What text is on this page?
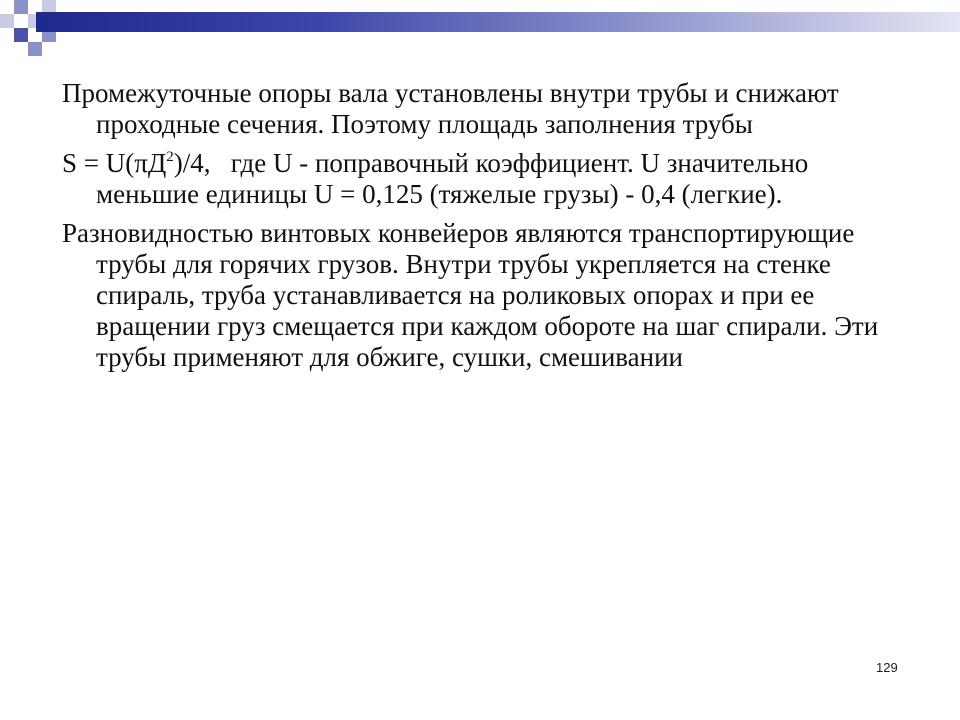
Промежуточные опоры вала установлены внутри трубы и снижают проходные сечения. Поэтому площадь заполнения трубы

$S = U(\pi Д^2)/4$,   где U - поправочный коэффициент. U значительно меньшие единицы U = 0,125 (тяжелые грузы) - 0,4 (легкие).

Разновидностью винтовых конвейеров являются транспортирующие трубы для горячих грузов. Внутри трубы укрепляется на стенке спираль, труба устанавливается на роликовых опорах и при ее вращении груз смещается при каждом обороте на шаг спирали. Эти трубы применяют для обжиге, сушки, смешивании

129
